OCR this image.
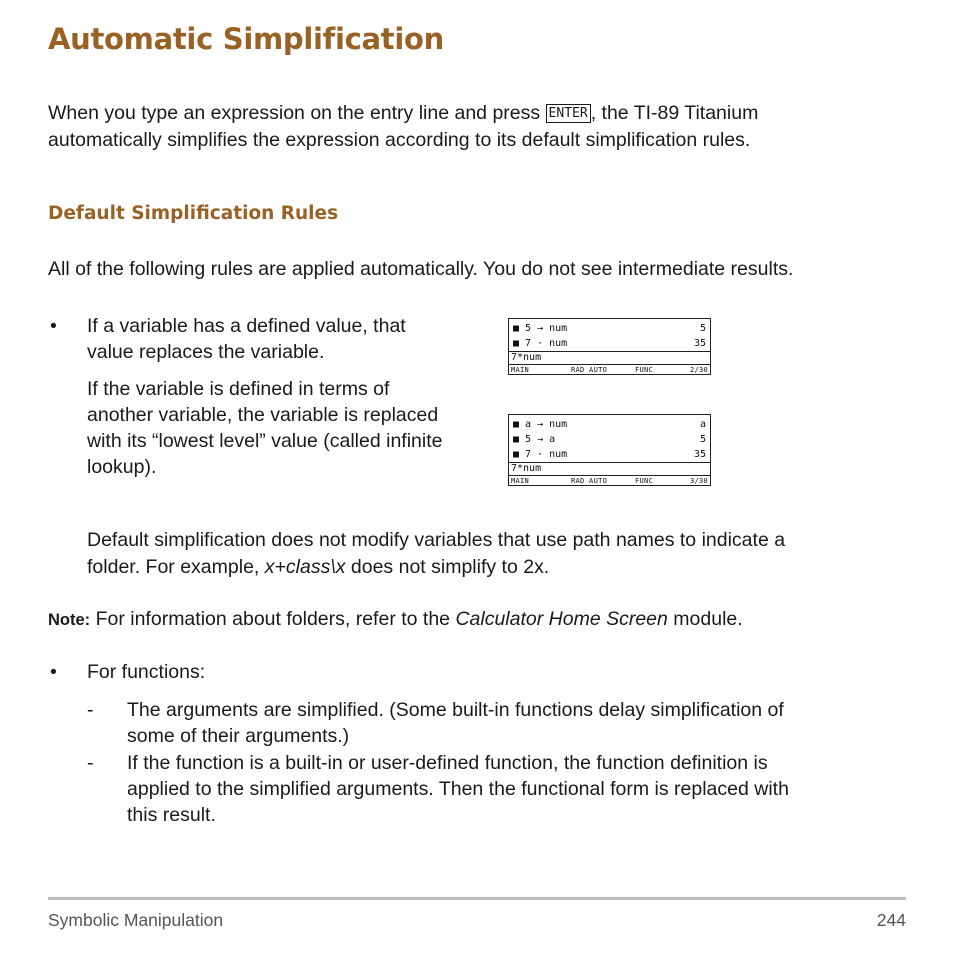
Automatic Simplification
When you type an expression on the entry line and press ENTER , the TI-89 Titanium
automatically simplifies the expression according to its default simplification rules.
Default Simplification Rules
All of the following rules are applied automatically. You do not see intermediate results.
• If a variable has a defined value, that
value replaces the variable.
If the variable is defined in terms of
another variable, the variable is replaced
with its “lowest level” value (called infinite
lookup).
■ 5 → num	5
■ 7 · num	35
7*num
MAIN	RAD AUTO	FUNC	2/30
■ a → num	a
■ 5 → a	5
■ 7 · num	35
7*num
MAIN	RAD AUTO	FUNC	3/30
Default simplification does not modify variables that use path names to indicate a
folder. For example, x+class\x does not simplify to 2x.
Note: For information about folders, refer to the Calculator Home Screen module.
• For functions:
- The arguments are simplified. (Some built-in functions delay simplification of
some of their arguments.)
- If the function is a built-in or user-defined function, the function definition is
applied to the simplified arguments. Then the functional form is replaced with
this result.
Symbolic Manipulation	244
